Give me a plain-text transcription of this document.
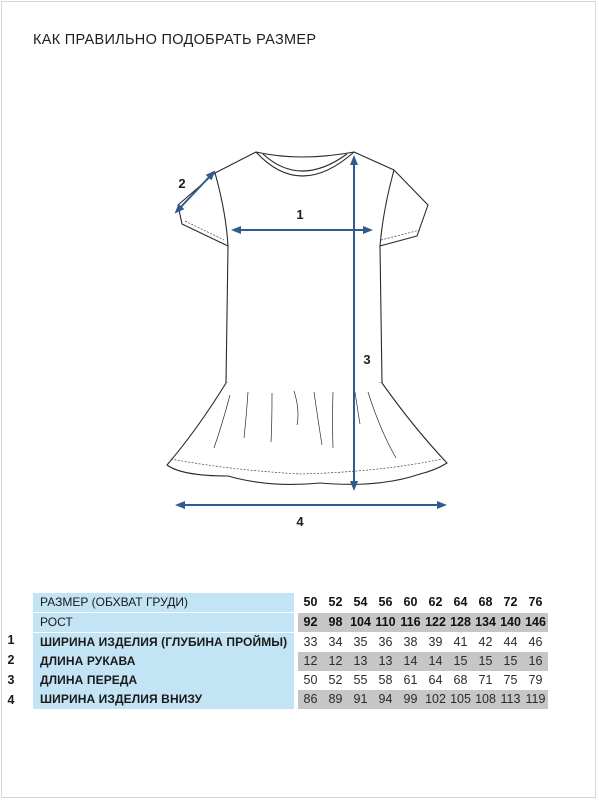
КАК ПРАВИЛЬНО ПОДОБРАТЬ РАЗМЕР
1
2
3
4
1
2
3
4
РАЗМЕР (ОБХВАТ ГРУДИ)		50	52	54	56	60	62	64	68	72	76
РОСТ		92	98	104	110	116	122	128	134	140	146
ШИРИНА ИЗДЕЛИЯ (ГЛУБИНА ПРОЙМЫ)		33	34	35	36	38	39	41	42	44	46
ДЛИНА РУКАВА		12	12	13	13	14	14	15	15	15	16
ДЛИНА ПЕРЕДА		50	52	55	58	61	64	68	71	75	79
ШИРИНА ИЗДЕЛИЯ ВНИЗУ		86	89	91	94	99	102	105	108	113	119
